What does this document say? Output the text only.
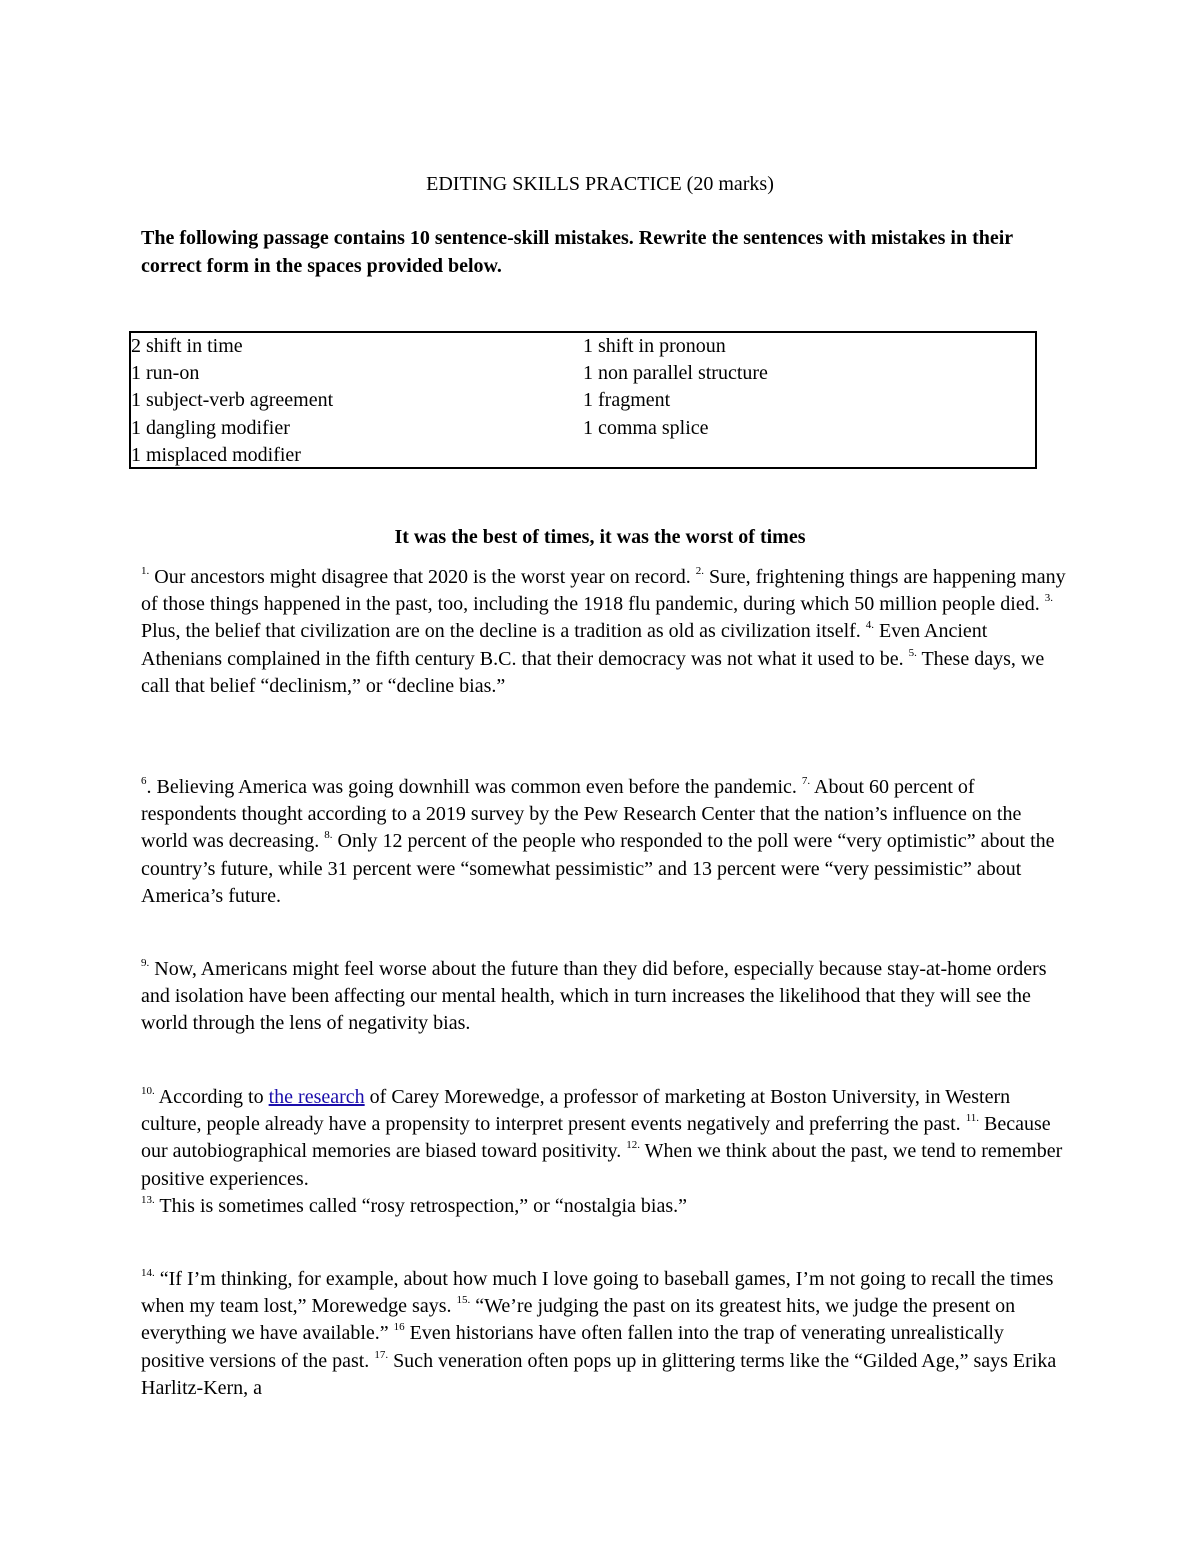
EDITING SKILLS PRACTICE (20 marks)
The following passage contains 10 sentence-skill mistakes. Rewrite the sentences with mistakes in their correct form in the spaces provided below.
2 shift in time
1 run-on
1 subject-verb agreement
1 dangling modifier
1 misplaced modifier
1 shift in pronoun
1 non parallel structure
1 fragment
1 comma splice
It was the best of times, it was the worst of times
$^{1.}$ Our ancestors might disagree that 2020 is the worst year on record. $^{2.}$ Sure, frightening things are happening many of those things happened in the past, too, including the 1918 flu pandemic, during which 50 million people died. $^{3.}$ Plus, the belief that civilization are on the decline is a tradition as old as civilization itself. $^{4.}$ Even Ancient Athenians complained in the fifth century B.C. that their democracy was not what it used to be. $^{5.}$ These days, we call that belief “declinism,” or “decline bias.”
$^6$. Believing America was going downhill was common even before the pandemic. $^{7.}$ About 60 percent of respondents thought according to a 2019 survey by the Pew Research Center that the nation’s influence on the world was decreasing. $^{8.}$ Only 12 percent of the people who responded to the poll were “very optimistic” about the country’s future, while 31 percent were “somewhat pessimistic” and 13 percent were “very pessimistic” about America’s future.
$^{9.}$ Now, Americans might feel worse about the future than they did before, especially because stay-at-home orders and isolation have been affecting our mental health, which in turn increases the likelihood that they will see the world through the lens of negativity bias.
$^{10.}$ According to the research of Carey Morewedge, a professor of marketing at Boston University, in Western culture, people already have a propensity to interpret present events negatively and preferring the past. $^{11.}$ Because our autobiographical memories are biased toward positivity. $^{12.}$ When we think about the past, we tend to remember positive experiences.
$^{13.}$ This is sometimes called “rosy retrospection,” or “nostalgia bias.”
$^{14.}$ “If I’m thinking, for example, about how much I love going to baseball games, I’m not going to recall the times when my team lost,” Morewedge says. $^{15.}$ “We’re judging the past on its greatest hits, we judge the present on everything we have available.” $^{16}$ Even historians have often fallen into the trap of venerating unrealistically positive versions of the past. $^{17.}$ Such veneration often pops up in glittering terms like the “Gilded Age,” says Erika Harlitz-Kern, a
